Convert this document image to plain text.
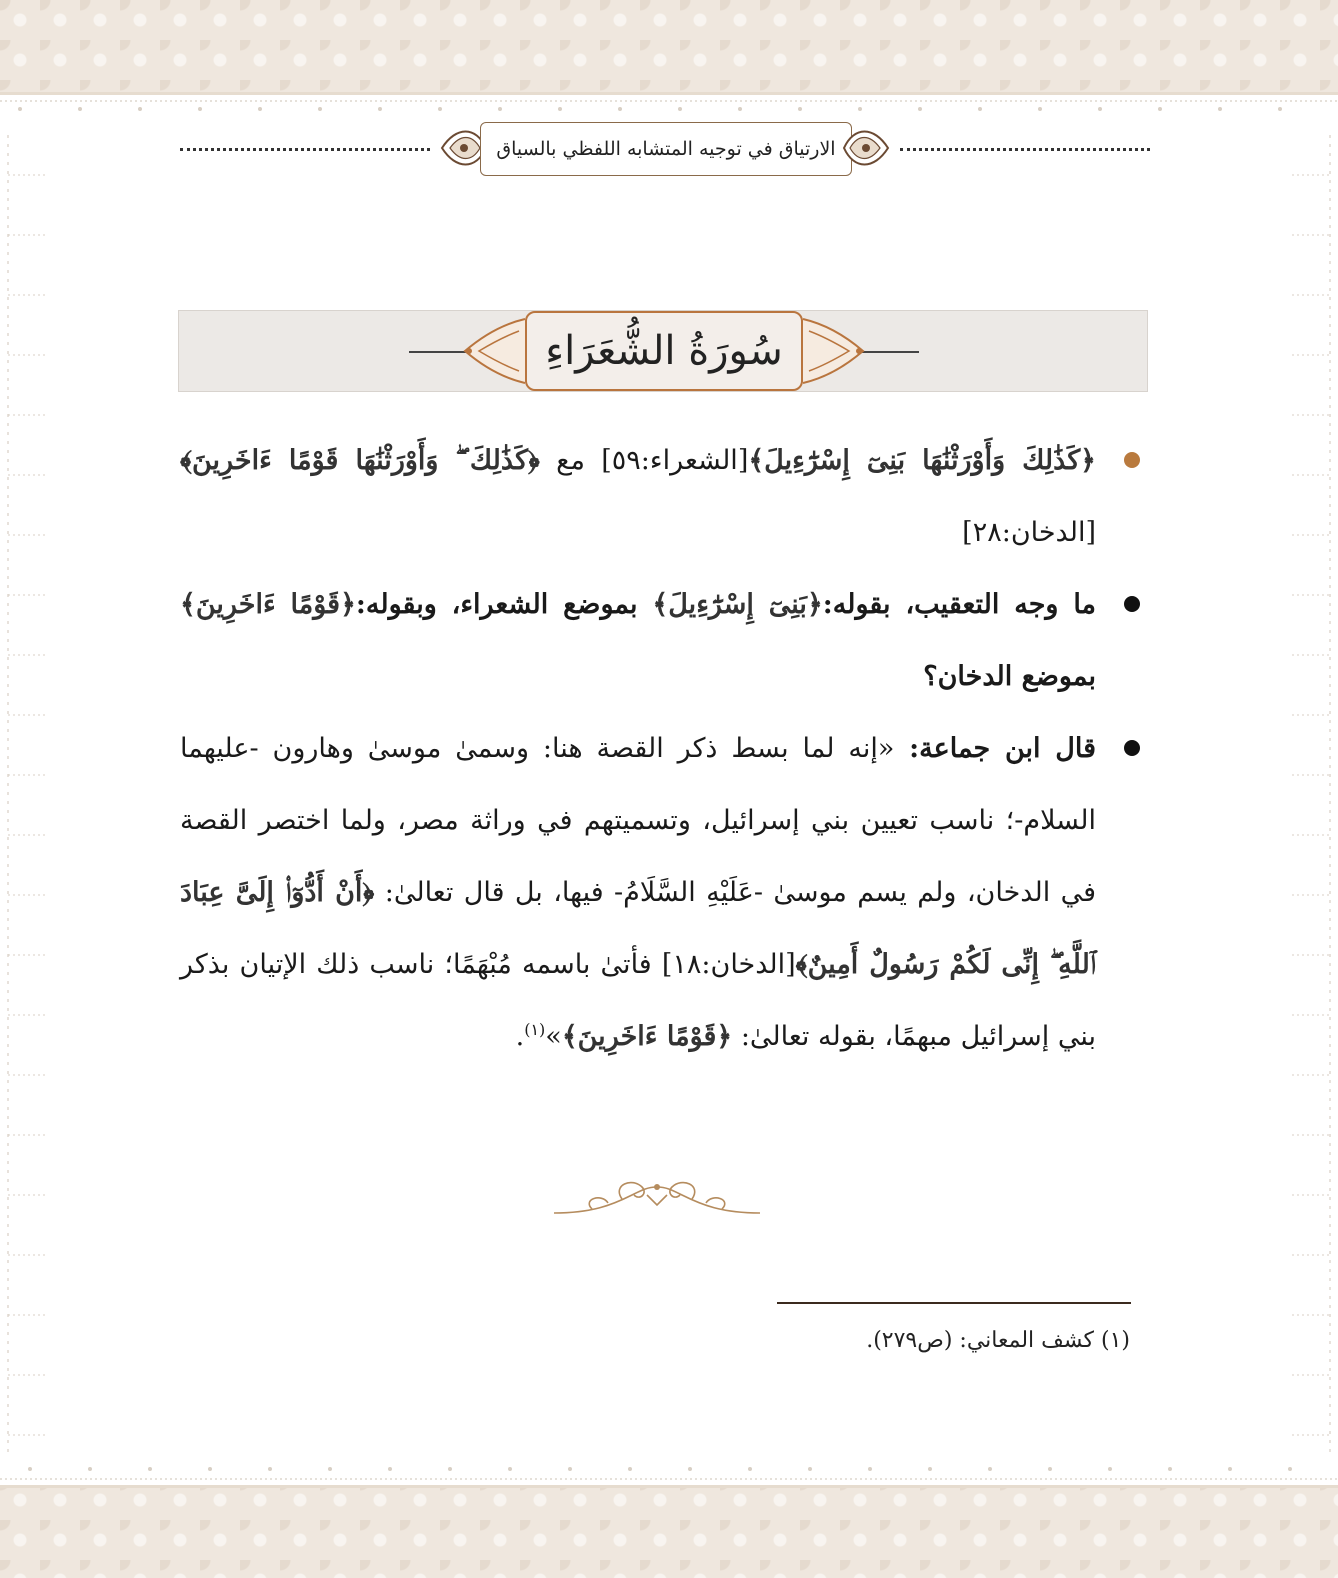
الارتياق في توجيه المتشابه اللفظي بالسياق
سُورَةُ الشُّعَرَاءِ

﴿كَذَٰلِكَ وَأَوْرَثْنَٰهَا بَنِىٓ إِسْرَٰٓءِيلَ﴾[الشعراء:٥٩] مع ﴿كَذَٰلِكَ ۖ وَأَوْرَثْنَٰهَا قَوْمًا ءَاخَرِينَ﴾ [الدخان:٢٨]

ما وجه التعقيب، بقوله:﴿بَنِىٓ إِسْرَٰٓءِيلَ﴾ بموضع الشعراء، وبقوله:﴿قَوْمًا ءَاخَرِينَ﴾ بموضع الدخان؟

قال ابن جماعة: «إنه لما بسط ذكر القصة هنا: وسمىٰ موسىٰ وهارون -عليهما السلام-؛ ناسب تعيين بني إسرائيل، وتسميتهم في وراثة مصر، ولما اختصر القصة في الدخان، ولم يسم موسىٰ -عَلَيْهِ السَّلَامُ- فيها، بل قال تعالىٰ: ﴿أَنْ أَدُّوٓا۟ إِلَىَّ عِبَادَ ٱللَّهِ ۖ إِنِّى لَكُمْ رَسُولٌ أَمِينٌ﴾[الدخان:١٨] فأتىٰ باسمه مُبْهَمًا؛ ناسب ذلك الإتيان بذكر بني إسرائيل مبهمًا، بقوله تعالىٰ: ﴿قَوْمًا ءَاخَرِينَ﴾»$^{(١)}$.

(١) كشف المعاني: (ص٢٧٩).
